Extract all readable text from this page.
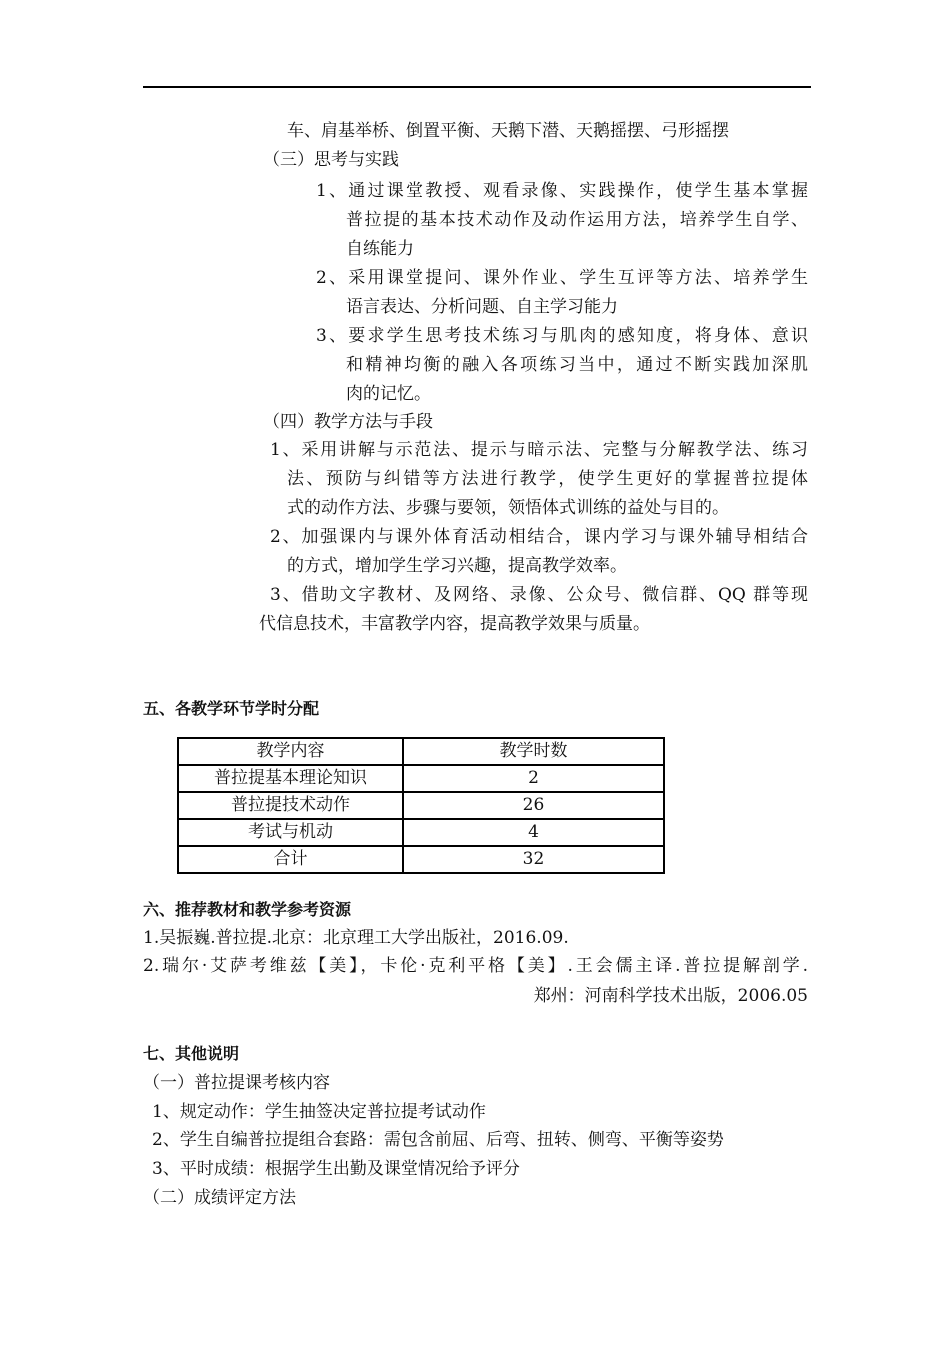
车、肩基举桥、倒置平衡、天鹅下潜、天鹅摇摆、弓形摇摆
（三）思考与实践
1、通过课堂教授、观看录像、实践操作，使学生基本掌握
普拉提的基本技术动作及动作运用方法，培养学生自学、
自练能力
2、采用课堂提问、课外作业、学生互评等方法、培养学生
语言表达、分析问题、自主学习能力
3、要求学生思考技术练习与肌肉的感知度，将身体、意识
和精神均衡的融入各项练习当中，通过不断实践加深肌
肉的记忆。
（四）教学方法与手段
1、采用讲解与示范法、提示与暗示法、完整与分解教学法、练习
法、预防与纠错等方法进行教学，使学生更好的掌握普拉提体
式的动作方法、步骤与要领，领悟体式训练的益处与目的。
2、加强课内与课外体育活动相结合，课内学习与课外辅导相结合
的方式，增加学生学习兴趣，提高教学效率。
3、借助文字教材、及网络、录像、公众号、微信群、QQ 群等现
代信息技术，丰富教学内容，提高教学效果与质量。
五、各教学环节学时分配
教学内容	教学时数
普拉提基本理论知识	2
普拉提技术动作	26
考试与机动	4
合计	32
六、推荐教材和教学参考资源
1.吴振巍.普拉提.北京：北京理工大学出版社，2016.09.
2.瑞尔·艾萨考维兹【美】，卡伦·克利平格【美】.王会儒主译.普拉提解剖学.
郑州：河南科学技术出版，2006.05
七、其他说明
（一）普拉提课考核内容
1、规定动作：学生抽签决定普拉提考试动作
2、学生自编普拉提组合套路：需包含前屈、后弯、扭转、侧弯、平衡等姿势
3、平时成绩：根据学生出勤及课堂情况给予评分
（二）成绩评定方法
